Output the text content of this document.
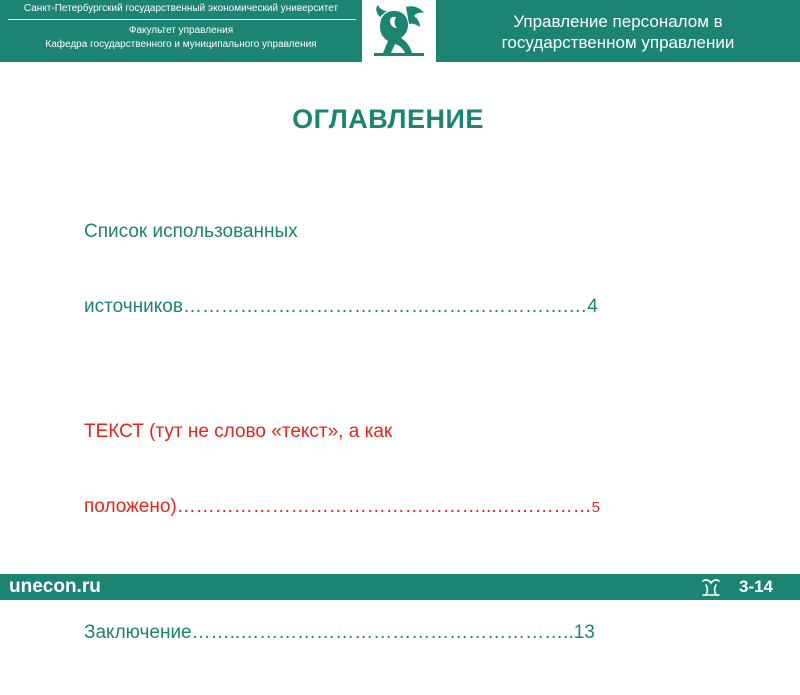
Санкт-Петербургский государственный экономический университет
Факультет управления
Кафедра государственного и муниципального управления
Управление персоналом в
государственном управлении
ОГЛАВЛЕНИЕ

Список использованных

источников…………………………………………………….…4

ТЕКСТ (тут не слово «текст», а как

положено)…………………………………………...……………5

Заключение……..……………………………………………..13

unecon.ru	3-14
